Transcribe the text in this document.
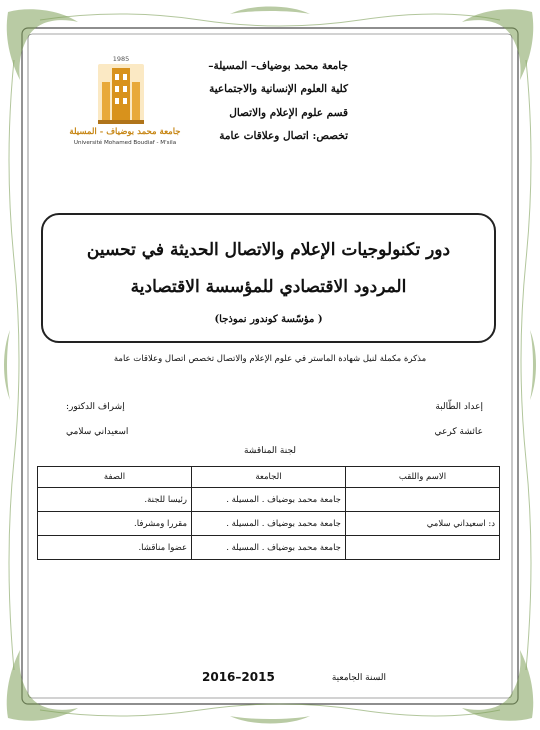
جامعة محمد بوضياف– المسيلة–
كلية العلوم الإنسانية والاجتماعية
قسم علوم الإعلام والاتصال
تخصص: اتصال وعلاقات عامة
1985
جامعة محمد بوضياف - المسيلة
Université Mohamed Boudiaf - M'sila
دور تكنولوجيات الإعلام والاتصال الحديثة في تحسين
المردود الاقتصادي للمؤسسة الاقتصادية
( مؤسّسة كوندور نموذجا)
مذكرة مكملة لنيل شهادة الماستر في علوم الإعلام والاتصال تخصص اتصال وعلاقات عامة
إعداد الطّالبة
عائشة كرعي
إشراف الدكتور:
اسعيداني سلامي
لجنة المناقشة
الاسم واللقب	الجامعة	الصفة
	جامعة محمد بوضياف . المسيلة .	رئيسا للجنة.
د: اسعيداني سلامي	جامعة محمد بوضياف . المسيلة .	مقررا ومشرفا.
	جامعة محمد بوضياف . المسيلة .	عضوا مناقشا.
السنة الجامعية
2016–2015
